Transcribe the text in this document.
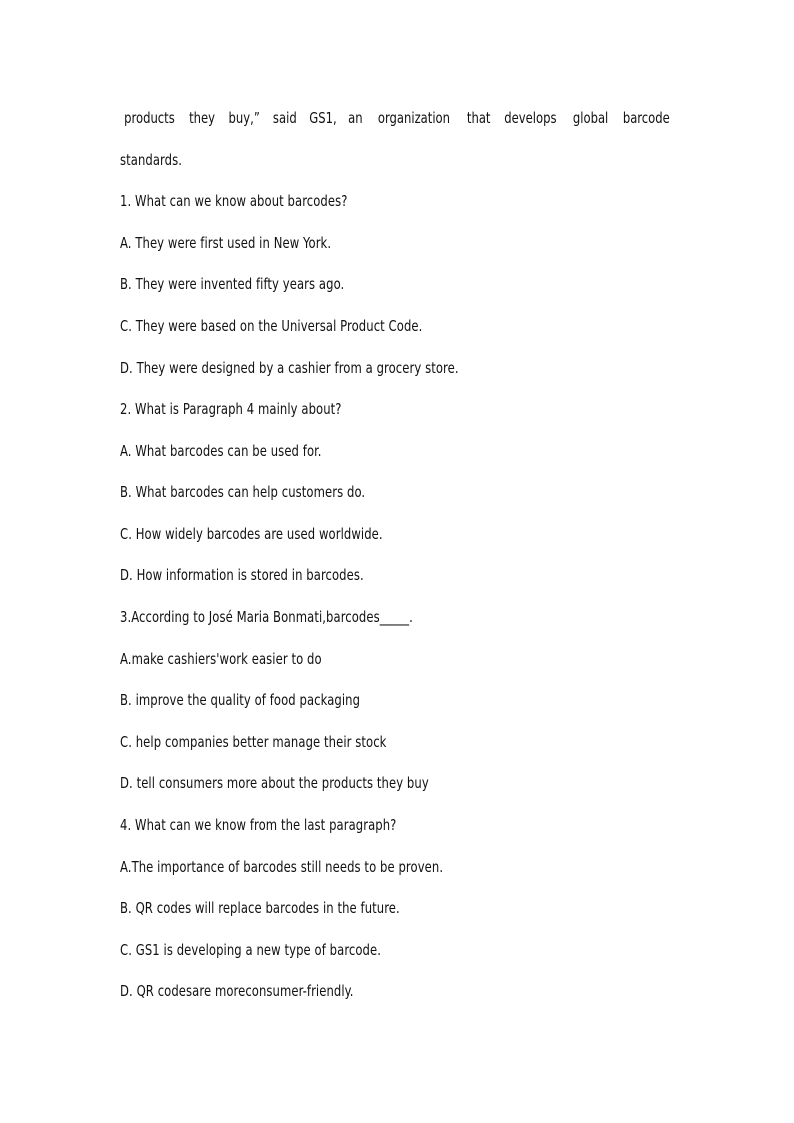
products they buy,” said GS1, an organization that develops global barcode
standards.
1. What can we know about barcodes?
A. They were first used in New York.
B. They were invented fifty years ago.
C. They were based on the Universal Product Code.
D. They were designed by a cashier from a grocery store.
2. What is Paragraph 4 mainly about?
A. What barcodes can be used for.
B. What barcodes can help customers do.
C. How widely barcodes are used worldwide.
D. How information is stored in barcodes.
3.According to José Maria Bonmati,barcodes_____.
A.make cashiers'work easier to do
B. improve the quality of food packaging
C. help companies better manage their stock
D. tell consumers more about the products they buy
4. What can we know from the last paragraph?
A.The importance of barcodes still needs to be proven.
B. QR codes will replace barcodes in the future.
C. GS1 is developing a new type of barcode.
D. QR codesare moreconsumer-friendly.
